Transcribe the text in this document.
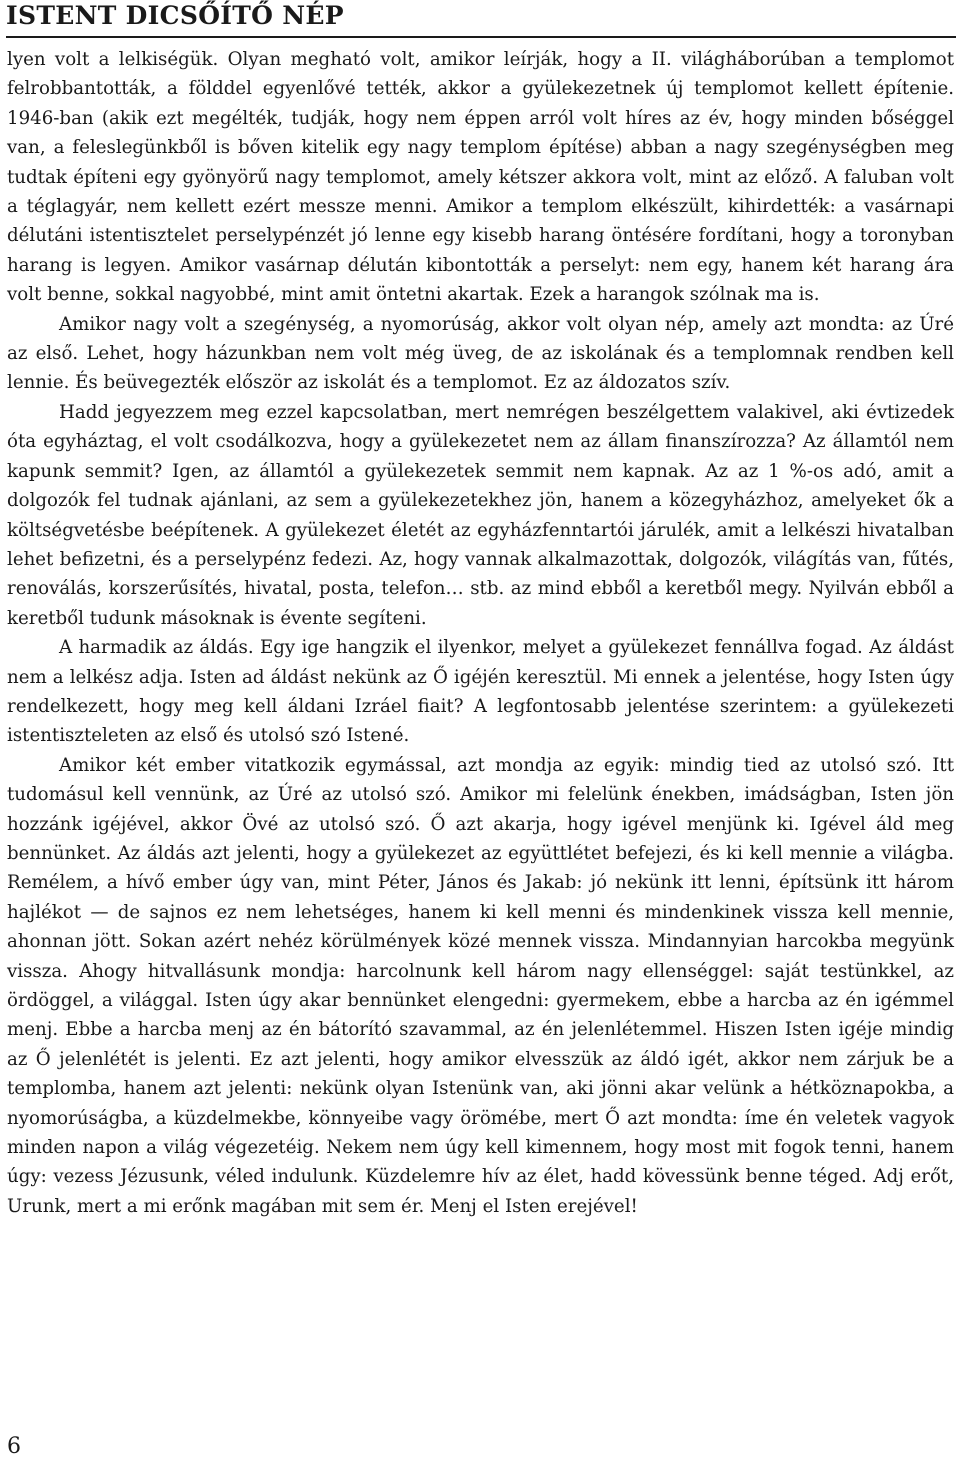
ISTENT DICSŐÍTŐ NÉP

lyen volt a lelkiségük. Olyan megható volt, amikor leírják, hogy a II. világháborúban a templomot felrobbantották, a földdel egyenlővé tették, akkor a gyülekezetnek új templomot kellett építenie. 1946-ban (akik ezt megélték, tudják, hogy nem éppen arról volt híres az év, hogy minden bőséggel van, a feleslegünkből is bőven kitelik egy nagy templom építése) abban a nagy szegénységben meg tudtak építeni egy gyönyörű nagy templomot, amely kétszer akkora volt, mint az előző. A faluban volt a téglagyár, nem kellett ezért messze menni. Amikor a templom elkészült, kihirdették: a vasárnapi délutáni istentisztelet perselypénzét jó lenne egy kisebb harang öntésére fordítani, hogy a toronyban harang is legyen. Amikor vasárnap délután kibontották a perselyt: nem egy, hanem két harang ára volt benne, sokkal nagyobbé, mint amit öntetni akartak. Ezek a harangok szólnak ma is.

Amikor nagy volt a szegénység, a nyomorúság, akkor volt olyan nép, amely azt mondta: az Úré az első. Lehet, hogy házunkban nem volt még üveg, de az iskolának és a templomnak rendben kell lennie. És beüvegezték először az iskolát és a templomot. Ez az áldozatos szív.

Hadd jegyezzem meg ezzel kapcsolatban, mert nemrégen beszélgettem valakivel, aki évtizedek óta egyháztag, el volt csodálkozva, hogy a gyülekezetet nem az állam finanszírozza? Az államtól nem kapunk semmit? Igen, az államtól a gyülekezetek semmit nem kapnak. Az az 1 %-os adó, amit a dolgozók fel tudnak ajánlani, az sem a gyülekezetekhez jön, hanem a közegyházhoz, amelyeket ők a költségvetésbe beépítenek. A gyülekezet életét az egyházfenntartói járulék, amit a lelkészi hivatalban lehet befizetni, és a perselypénz fedezi. Az, hogy vannak alkalmazottak, dolgozók, világítás van, fűtés, renoválás, korszerűsítés, hivatal, posta, telefon… stb. az mind ebből a keretből megy. Nyilván ebből a keretből tudunk másoknak is évente segíteni.

A harmadik az áldás. Egy ige hangzik el ilyenkor, melyet a gyülekezet fennállva fogad. Az áldást nem a lelkész adja. Isten ad áldást nekünk az Ő igéjén keresztül. Mi ennek a jelentése, hogy Isten úgy rendelkezett, hogy meg kell áldani Izráel fiait? A legfontosabb jelentése szerintem: a gyülekezeti istentiszteleten az első és utolsó szó Istené.

Amikor két ember vitatkozik egymással, azt mondja az egyik: mindig tied az utolsó szó. Itt tudomásul kell vennünk, az Úré az utolsó szó. Amikor mi felelünk énekben, imádságban, Isten jön hozzánk igéjével, akkor Övé az utolsó szó. Ő azt akarja, hogy igével menjünk ki. Igével áld meg bennünket. Az áldás azt jelenti, hogy a gyülekezet az együttlétet befejezi, és ki kell mennie a világba. Remélem, a hívő ember úgy van, mint Péter, János és Jakab: jó nekünk itt lenni, építsünk itt három hajlékot — de sajnos ez nem lehetséges, hanem ki kell menni és mindenkinek vissza kell mennie, ahonnan jött. Sokan azért nehéz körülmények közé mennek vissza. Mindannyian harcokba megyünk vissza. Ahogy hitvallásunk mondja: harcolnunk kell három nagy ellenséggel: saját testünkkel, az ördöggel, a világgal. Isten úgy akar bennünket elengedni: gyermekem, ebbe a harcba az én igémmel menj. Ebbe a harcba menj az én bátorító szavammal, az én jelenlétemmel. Hiszen Isten igéje mindig az Ő jelenlétét is jelenti. Ez azt jelenti, hogy amikor elvesszük az áldó igét, akkor nem zárjuk be a templomba, hanem azt jelenti: nekünk olyan Istenünk van, aki jönni akar velünk a hétköznapokba, a nyomorúságba, a küzdelmekbe, könnyeibe vagy örömébe, mert Ő azt mondta: íme én veletek vagyok minden napon a világ végezetéig. Nekem nem úgy kell kimennem, hogy most mit fogok tenni, hanem úgy: vezess Jézusunk, véled indulunk. Küzdelemre hív az élet, hadd kövessünk benne téged. Adj erőt, Urunk, mert a mi erőnk magában mit sem ér. Menj el Isten erejével!

6
